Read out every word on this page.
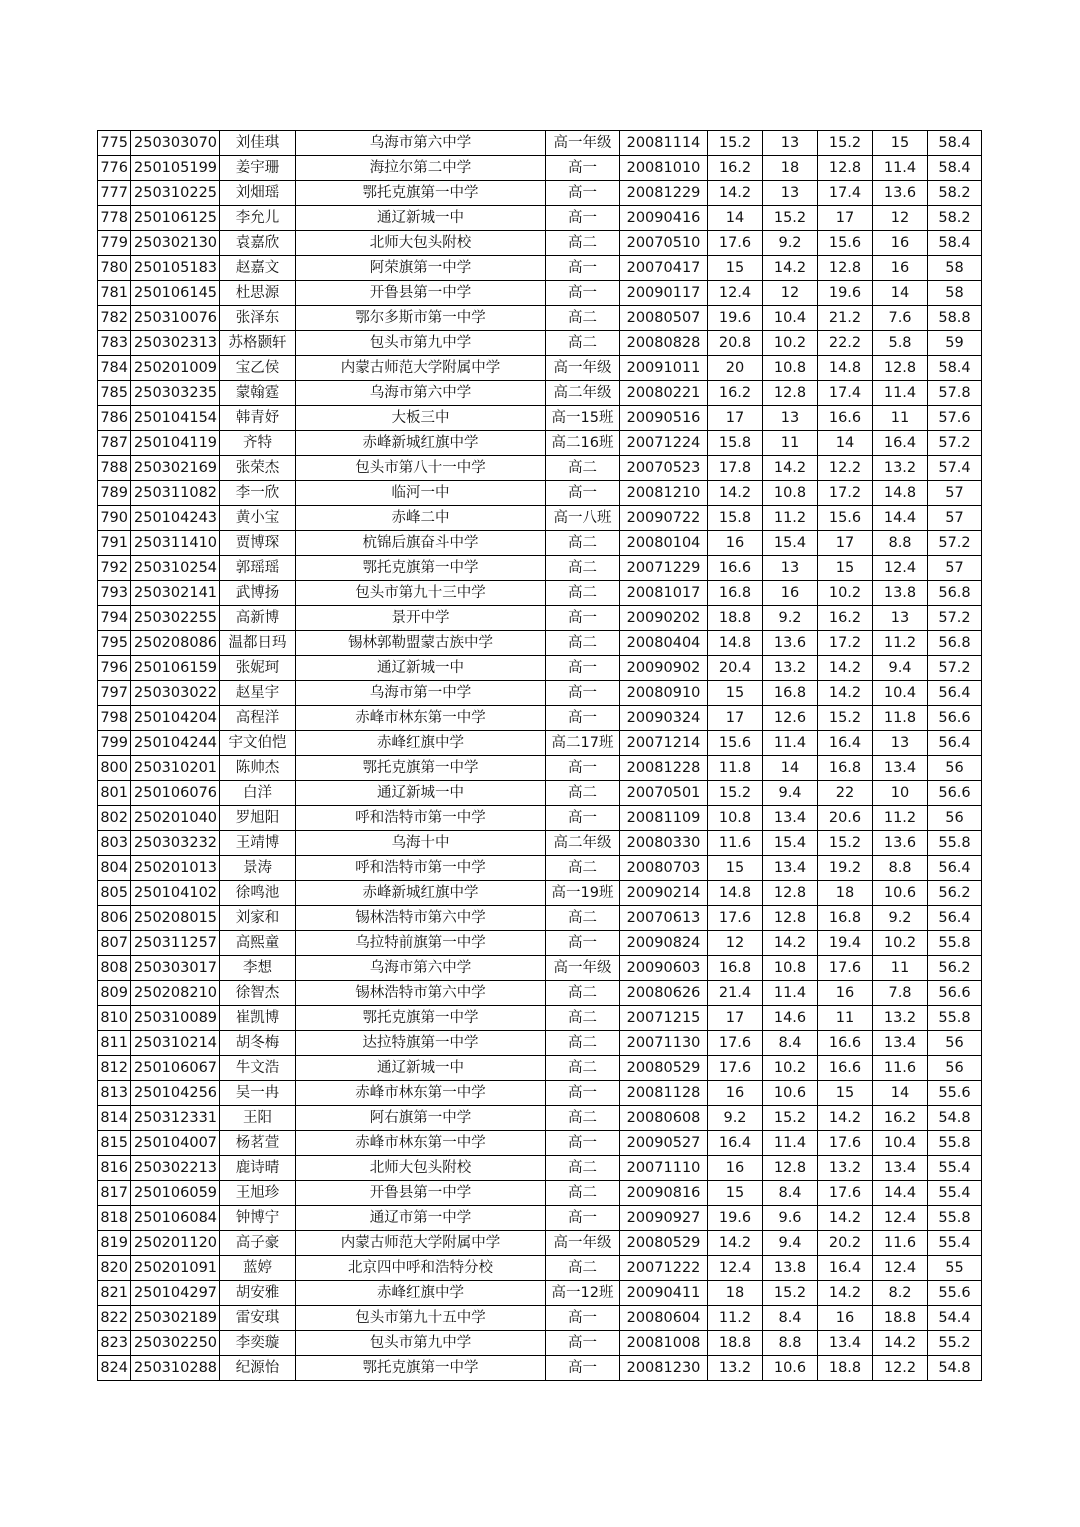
775	250303070	刘佳琪	乌海市第六中学	高一年级	20081114	15.2	13	15.2	15	58.4
776	250105199	姜宇珊	海拉尔第二中学	高一	20081010	16.2	18	12.8	11.4	58.4
777	250310225	刘畑瑶	鄂托克旗第一中学	高一	20081229	14.2	13	17.4	13.6	58.2
778	250106125	李允儿	通辽新城一中	高一	20090416	14	15.2	17	12	58.2
779	250302130	袁嘉欣	北师大包头附校	高二	20070510	17.6	9.2	15.6	16	58.4
780	250105183	赵嘉文	阿荣旗第一中学	高一	20070417	15	14.2	12.8	16	58
781	250106145	杜思源	开鲁县第一中学	高一	20090117	12.4	12	19.6	14	58
782	250310076	张泽东	鄂尔多斯市第一中学	高二	20080507	19.6	10.4	21.2	7.6	58.8
783	250302313	苏格颢轩	包头市第九中学	高二	20080828	20.8	10.2	22.2	5.8	59
784	250201009	宝乙侯	内蒙古师范大学附属中学	高一年级	20091011	20	10.8	14.8	12.8	58.4
785	250303235	蒙翰霆	乌海市第六中学	高二年级	20080221	16.2	12.8	17.4	11.4	57.8
786	250104154	韩青妤	大板三中	高一15班	20090516	17	13	16.6	11	57.6
787	250104119	齐特	赤峰新城红旗中学	高二16班	20071224	15.8	11	14	16.4	57.2
788	250302169	张荣杰	包头市第八十一中学	高二	20070523	17.8	14.2	12.2	13.2	57.4
789	250311082	李一欣	临河一中	高一	20081210	14.2	10.8	17.2	14.8	57
790	250104243	黄小宝	赤峰二中	高一八班	20090722	15.8	11.2	15.6	14.4	57
791	250311410	贾博琛	杭锦后旗奋斗中学	高二	20080104	16	15.4	17	8.8	57.2
792	250310254	郭瑶瑶	鄂托克旗第一中学	高二	20071229	16.6	13	15	12.4	57
793	250302141	武博扬	包头市第九十三中学	高二	20081017	16.8	16	10.2	13.8	56.8
794	250302255	高新博	景开中学	高一	20090202	18.8	9.2	16.2	13	57.2
795	250208086	温都日玛	锡林郭勒盟蒙古族中学	高二	20080404	14.8	13.6	17.2	11.2	56.8
796	250106159	张妮珂	通辽新城一中	高一	20090902	20.4	13.2	14.2	9.4	57.2
797	250303022	赵星宇	乌海市第一中学	高一	20080910	15	16.8	14.2	10.4	56.4
798	250104204	高程洋	赤峰市林东第一中学	高一	20090324	17	12.6	15.2	11.8	56.6
799	250104244	宇文伯恺	赤峰红旗中学	高二17班	20071214	15.6	11.4	16.4	13	56.4
800	250310201	陈帅杰	鄂托克旗第一中学	高一	20081228	11.8	14	16.8	13.4	56
801	250106076	白洋	通辽新城一中	高二	20070501	15.2	9.4	22	10	56.6
802	250201040	罗旭阳	呼和浩特市第一中学	高一	20081109	10.8	13.4	20.6	11.2	56
803	250303232	王靖博	乌海十中	高二年级	20080330	11.6	15.4	15.2	13.6	55.8
804	250201013	景涛	呼和浩特市第一中学	高二	20080703	15	13.4	19.2	8.8	56.4
805	250104102	徐鸣池	赤峰新城红旗中学	高一19班	20090214	14.8	12.8	18	10.6	56.2
806	250208015	刘家和	锡林浩特市第六中学	高二	20070613	17.6	12.8	16.8	9.2	56.4
807	250311257	高熙童	乌拉特前旗第一中学	高一	20090824	12	14.2	19.4	10.2	55.8
808	250303017	李想	乌海市第六中学	高一年级	20090603	16.8	10.8	17.6	11	56.2
809	250208210	徐智杰	锡林浩特市第六中学	高二	20080626	21.4	11.4	16	7.8	56.6
810	250310089	崔凯博	鄂托克旗第一中学	高二	20071215	17	14.6	11	13.2	55.8
811	250310214	胡冬梅	达拉特旗第一中学	高二	20071130	17.6	8.4	16.6	13.4	56
812	250106067	牛文浩	通辽新城一中	高二	20080529	17.6	10.2	16.6	11.6	56
813	250104256	吴一冉	赤峰市林东第一中学	高一	20081128	16	10.6	15	14	55.6
814	250312331	王阳	阿右旗第一中学	高二	20080608	9.2	15.2	14.2	16.2	54.8
815	250104007	杨茗萱	赤峰市林东第一中学	高一	20090527	16.4	11.4	17.6	10.4	55.8
816	250302213	鹿诗晴	北师大包头附校	高二	20071110	16	12.8	13.2	13.4	55.4
817	250106059	王旭珍	开鲁县第一中学	高二	20090816	15	8.4	17.6	14.4	55.4
818	250106084	钟博宁	通辽市第一中学	高一	20090927	19.6	9.6	14.2	12.4	55.8
819	250201120	高子豪	内蒙古师范大学附属中学	高一年级	20080529	14.2	9.4	20.2	11.6	55.4
820	250201091	蓝婷	北京四中呼和浩特分校	高二	20071222	12.4	13.8	16.4	12.4	55
821	250104297	胡安雅	赤峰红旗中学	高一12班	20090411	18	15.2	14.2	8.2	55.6
822	250302189	雷安琪	包头市第九十五中学	高一	20080604	11.2	8.4	16	18.8	54.4
823	250302250	李奕璇	包头市第九中学	高一	20081008	18.8	8.8	13.4	14.2	55.2
824	250310288	纪源怡	鄂托克旗第一中学	高一	20081230	13.2	10.6	18.8	12.2	54.8
